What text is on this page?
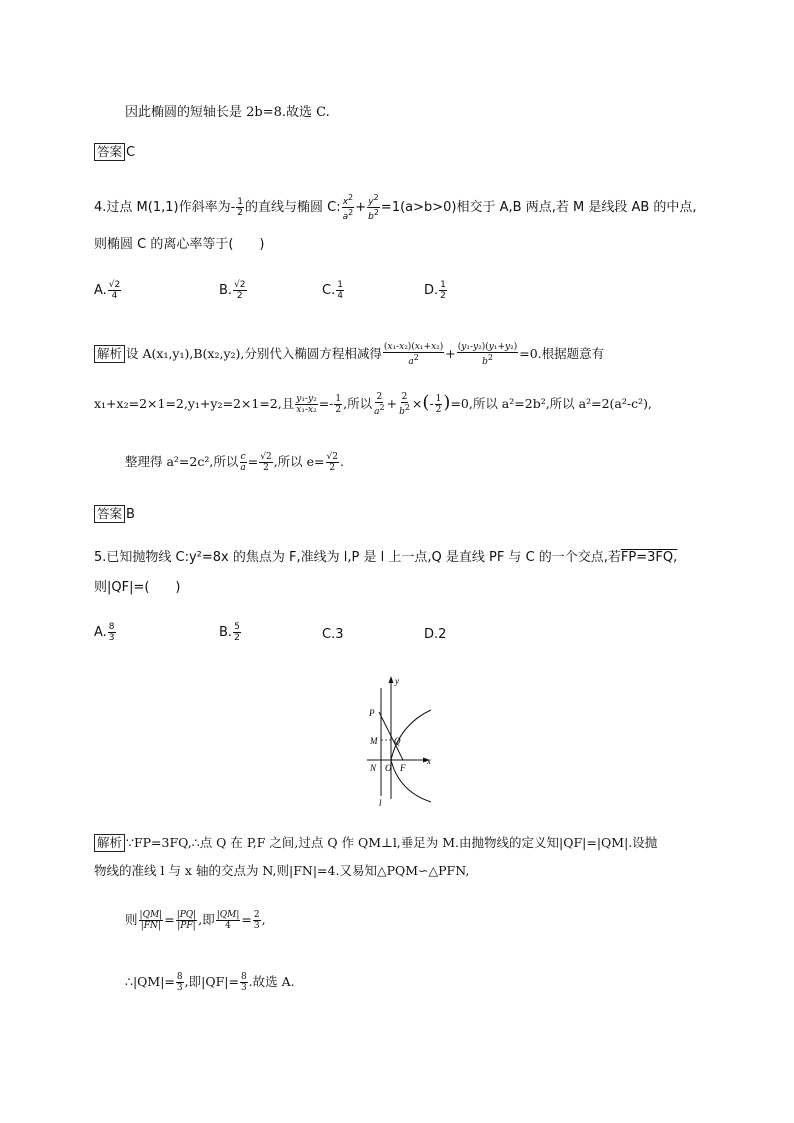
因此椭圆的短轴长是 2b=8.故选 C.
答案 C
4.过点 M(1,1)作斜率为- $\frac{1}{2}$ 的直线与椭圆 C: $\frac{x^2}{a^2} + \frac{y^2}{b^2} =1(a>b>0)$相交于 A,B 两点,若 M 是线段 AB 的中点,
则椭圆 C 的离心率等于(　　)
A. $\frac{√2}{4}$	B. $\frac{√2}{2}$	C. $\frac{1}{4}$	D. $\frac{1}{2}$
解析 设 A(x₁,y₁),B(x₂,y₂),分别代入椭圆方程相减得 $\frac{\text{(x₁-x₂)(x₁+x₂)}}{a^2} + \frac{\text{(y₁-y₂)(y₁+y₂)}}{b^2} =0$.根据题意有
x₁+x₂=2×1=2,y₁+y₂=2×1=2,且 $\frac{\text{y₁-y₂}}{\text{x₁-x₂}} =- \frac{1}{2}$ ,所以 $\frac{2}{a^2} + \frac{2}{b^2}$ ×(- $\frac{1}{2} )=0$,所以 a²=2b²,所以 a²=2(a²-c²),
整理得 a²=2c²,所以 $\frac{c}{a} = \frac{√2}{2}$ ,所以 $e= \frac{√2}{2}$ .
答案 B
5.已知抛物线 C:y²=8x 的焦点为 F,准线为 l,P 是 l 上一点,Q 是直线 PF 与 C 的一个交点,若FP=3FQ,
则|QF|=(　　)
A. $\frac{8}{3}$	B. $\frac{5}{2}$	C.3	D.2
P
M Q
N O F
x
y
l
解析 ∵FP=3FQ,∴点 Q 在 P,F 之间,过点 Q 作 QM⊥l,垂足为 M.由抛物线的定义知|QF|=|QM|.设抛
物线的准线 l 与 x 轴的交点为 N,则|FN|=4.又易知△PQM∽△PFN,
则 $\frac{|QM|}{|FN|} = \frac{|PQ|}{|PF|}$ ,即 $\frac{|QM|}{4} = \frac{2}{3}$ ,
∴|QM|= $\frac{8}{3}$ ,即$|QF|= \frac{8}{3}$ .故选 A.
